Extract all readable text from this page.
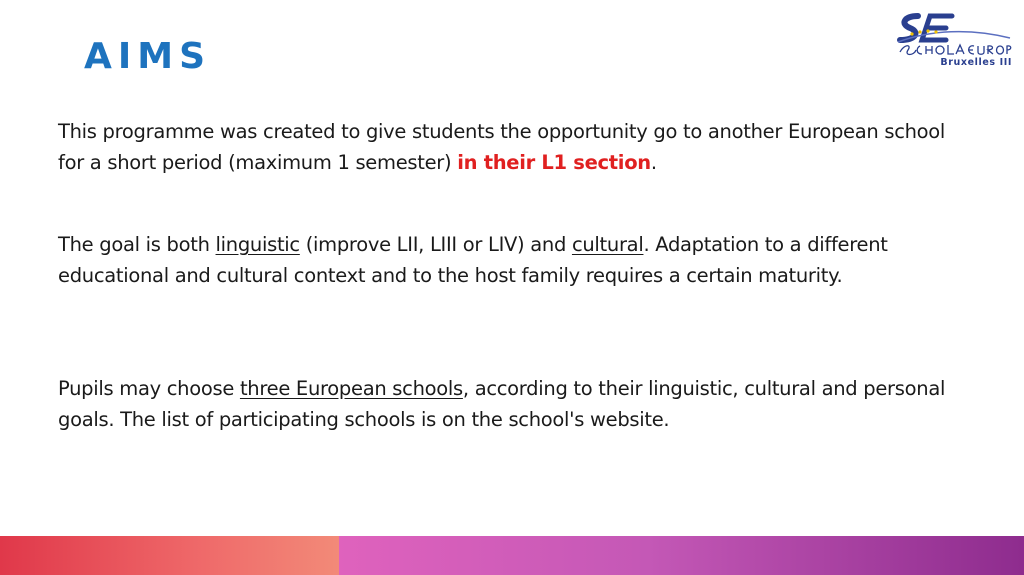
AIMS	Bruxelles III

This programme was created to give students the opportunity go to another European school for a short period (maximum 1 semester) in their L1 section.

The goal is both linguistic (improve LII, LIII or LIV) and cultural. Adaptation to a different educational and cultural context and to the host family requires a certain maturity.

Pupils may choose three European schools, according to their linguistic, cultural and personal goals. The list of participating schools is on the school's website.
